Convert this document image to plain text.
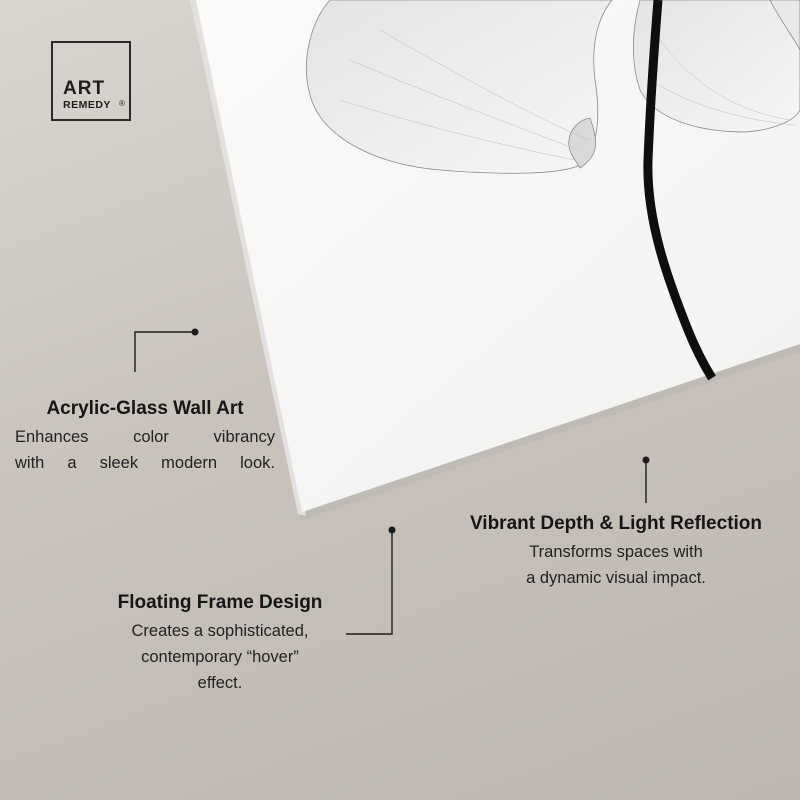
ART
REMEDY ®
Acrylic-Glass Wall Art
Enhances color vibrancy
with a sleek modern look.
Vibrant Depth & Light Reflection
Transforms spaces with
a dynamic visual impact.
Floating Frame Design
Creates a sophisticated,
contemporary “hover”
effect.
